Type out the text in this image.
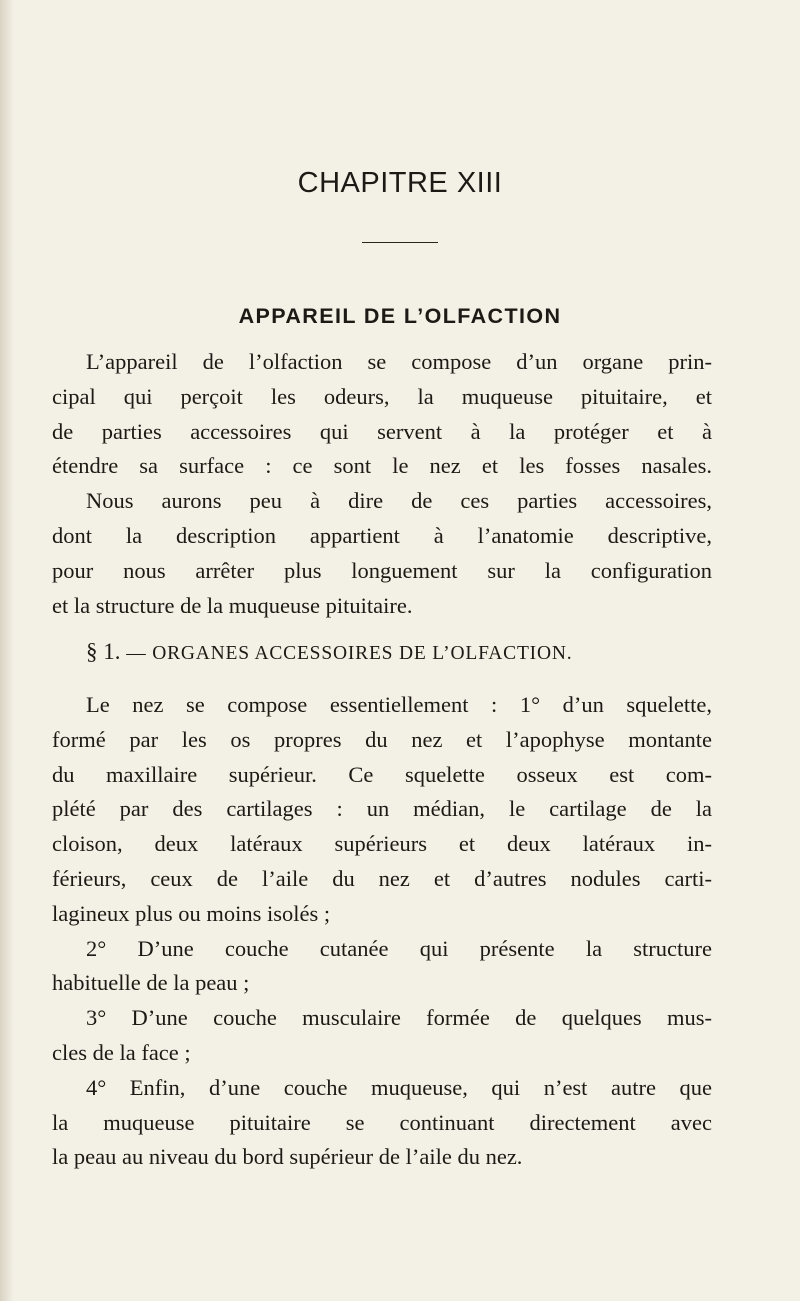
CHAPITRE XIII
APPAREIL DE L’OLFACTION
L’appareil de l’olfaction se compose d’un organe prin-
cipal qui perçoit les odeurs, la muqueuse pituitaire, et
de parties accessoires qui servent à la protéger et à
étendre sa surface : ce sont le nez et les fosses nasales.
Nous aurons peu à dire de ces parties accessoires,
dont la description appartient à l’anatomie descriptive,
pour nous arrêter plus longuement sur la configuration
et la structure de la muqueuse pituitaire.
§ 1. — ORGANES ACCESSOIRES DE L’OLFACTION.
Le nez se compose essentiellement : 1° d’un squelette,
formé par les os propres du nez et l’apophyse montante
du maxillaire supérieur. Ce squelette osseux est com-
plété par des cartilages : un médian, le cartilage de la
cloison, deux latéraux supérieurs et deux latéraux in-
férieurs, ceux de l’aile du nez et d’autres nodules carti-
lagineux plus ou moins isolés ;
2° D’une couche cutanée qui présente la structure
habituelle de la peau ;
3° D’une couche musculaire formée de quelques mus-
cles de la face ;
4° Enfin, d’une couche muqueuse, qui n’est autre que
la muqueuse pituitaire se continuant directement avec
la peau au niveau du bord supérieur de l’aile du nez.
